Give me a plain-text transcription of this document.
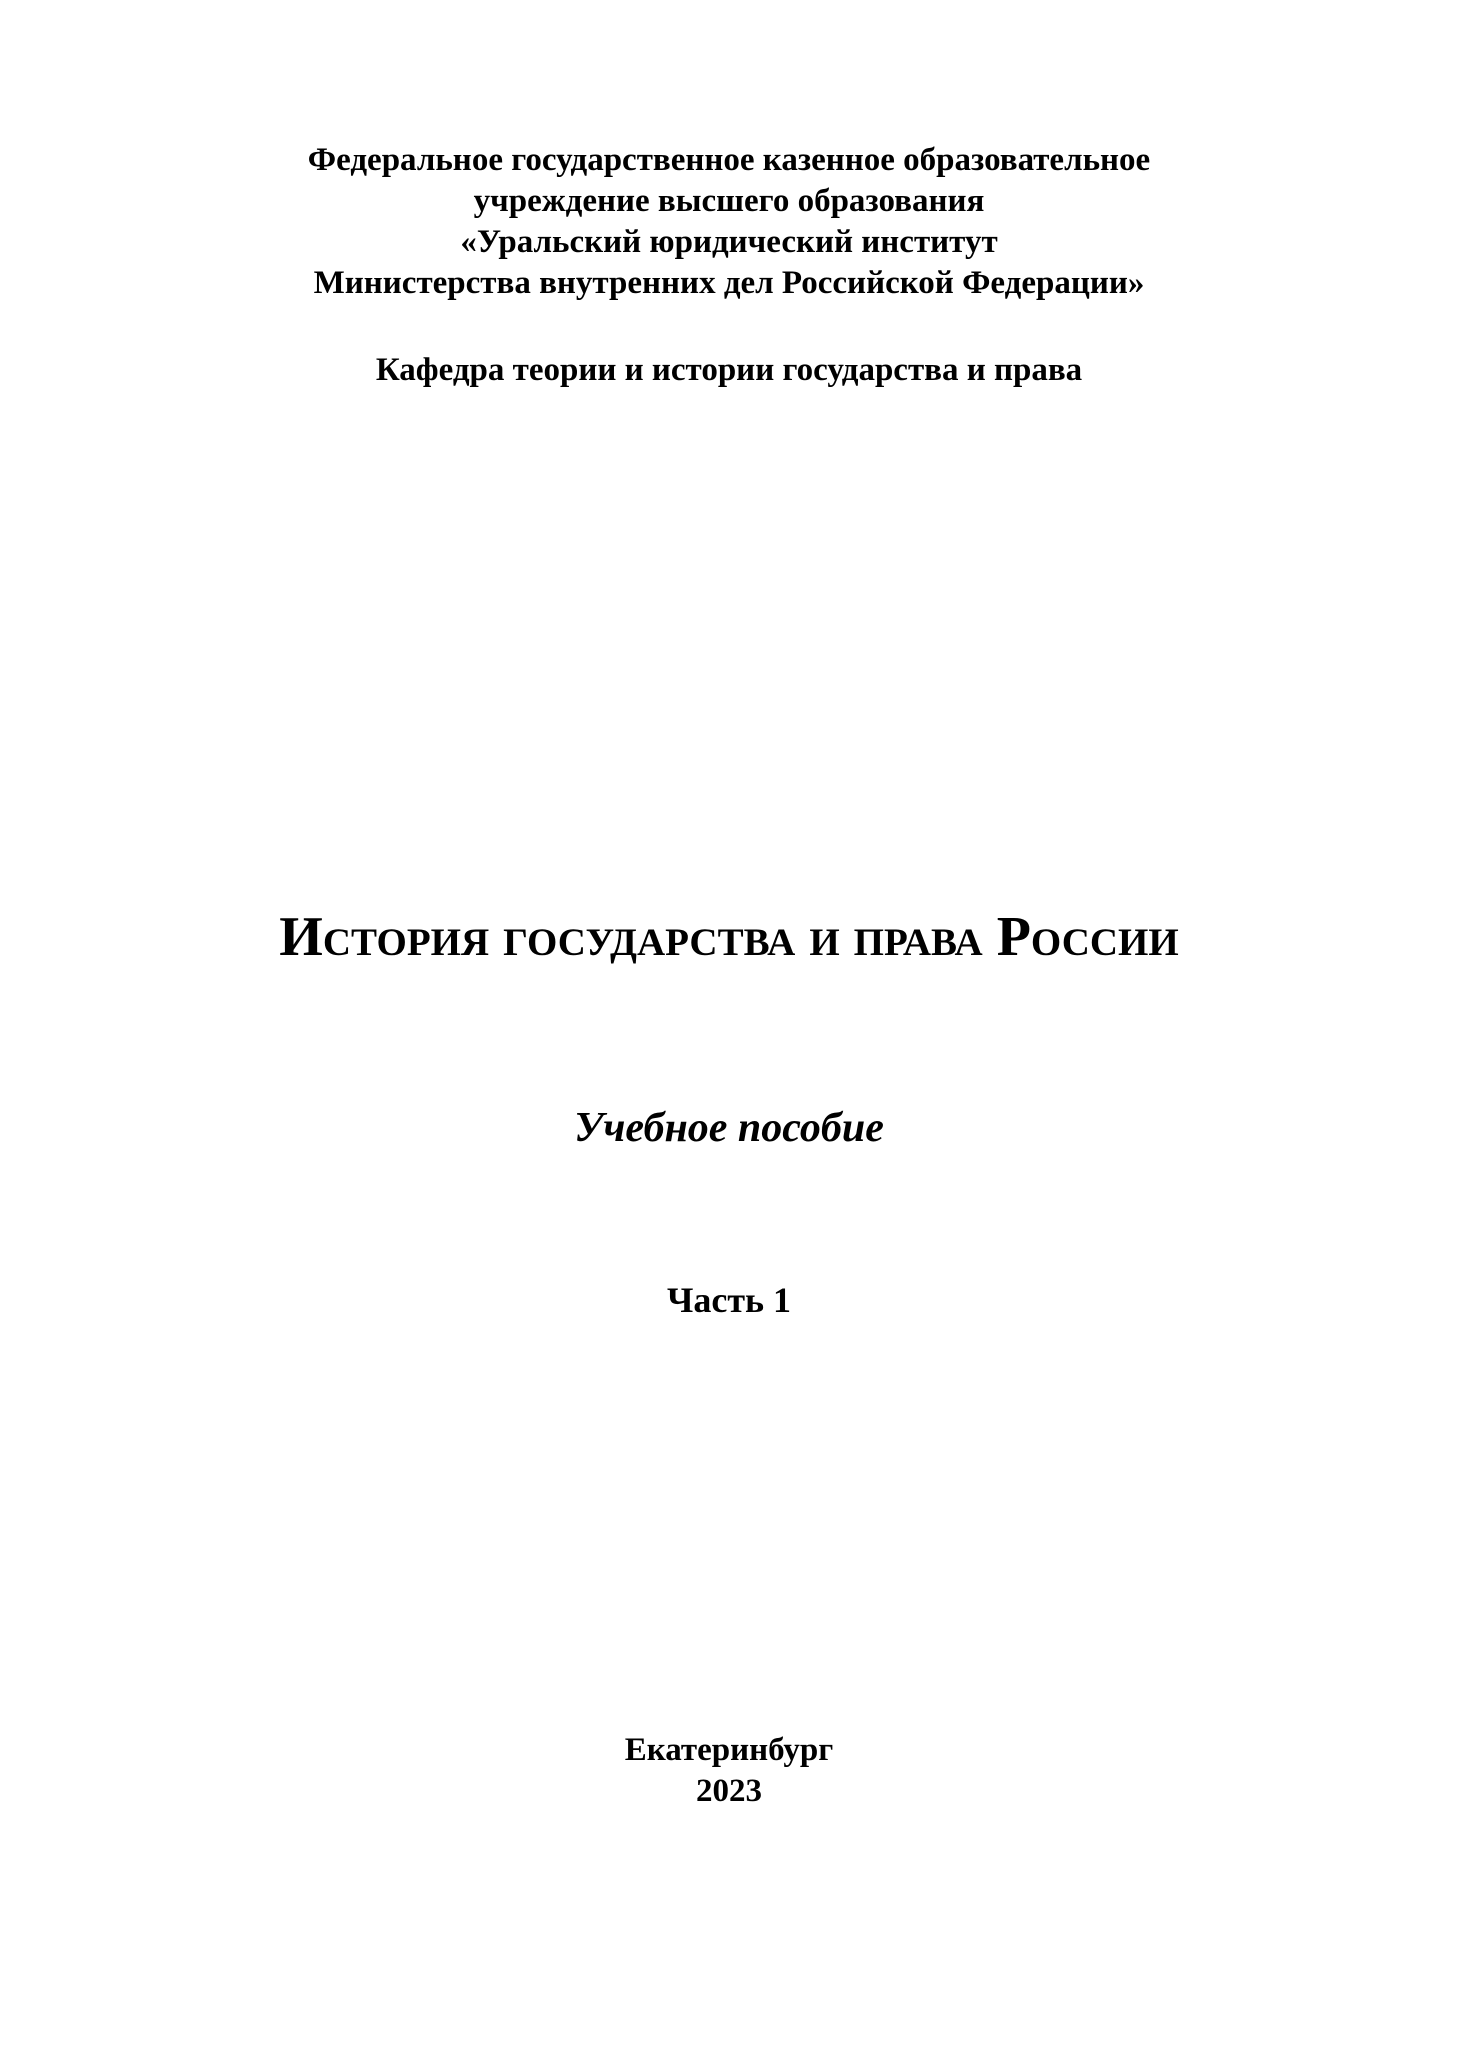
Федеральное государственное казенное образовательное
учреждение высшего образования
«Уральский юридический институт
Министерства внутренних дел Российской Федерации»
Кафедра теории и истории государства и права
История государства и права России
Учебное пособие
Часть 1
Екатеринбург
2023
